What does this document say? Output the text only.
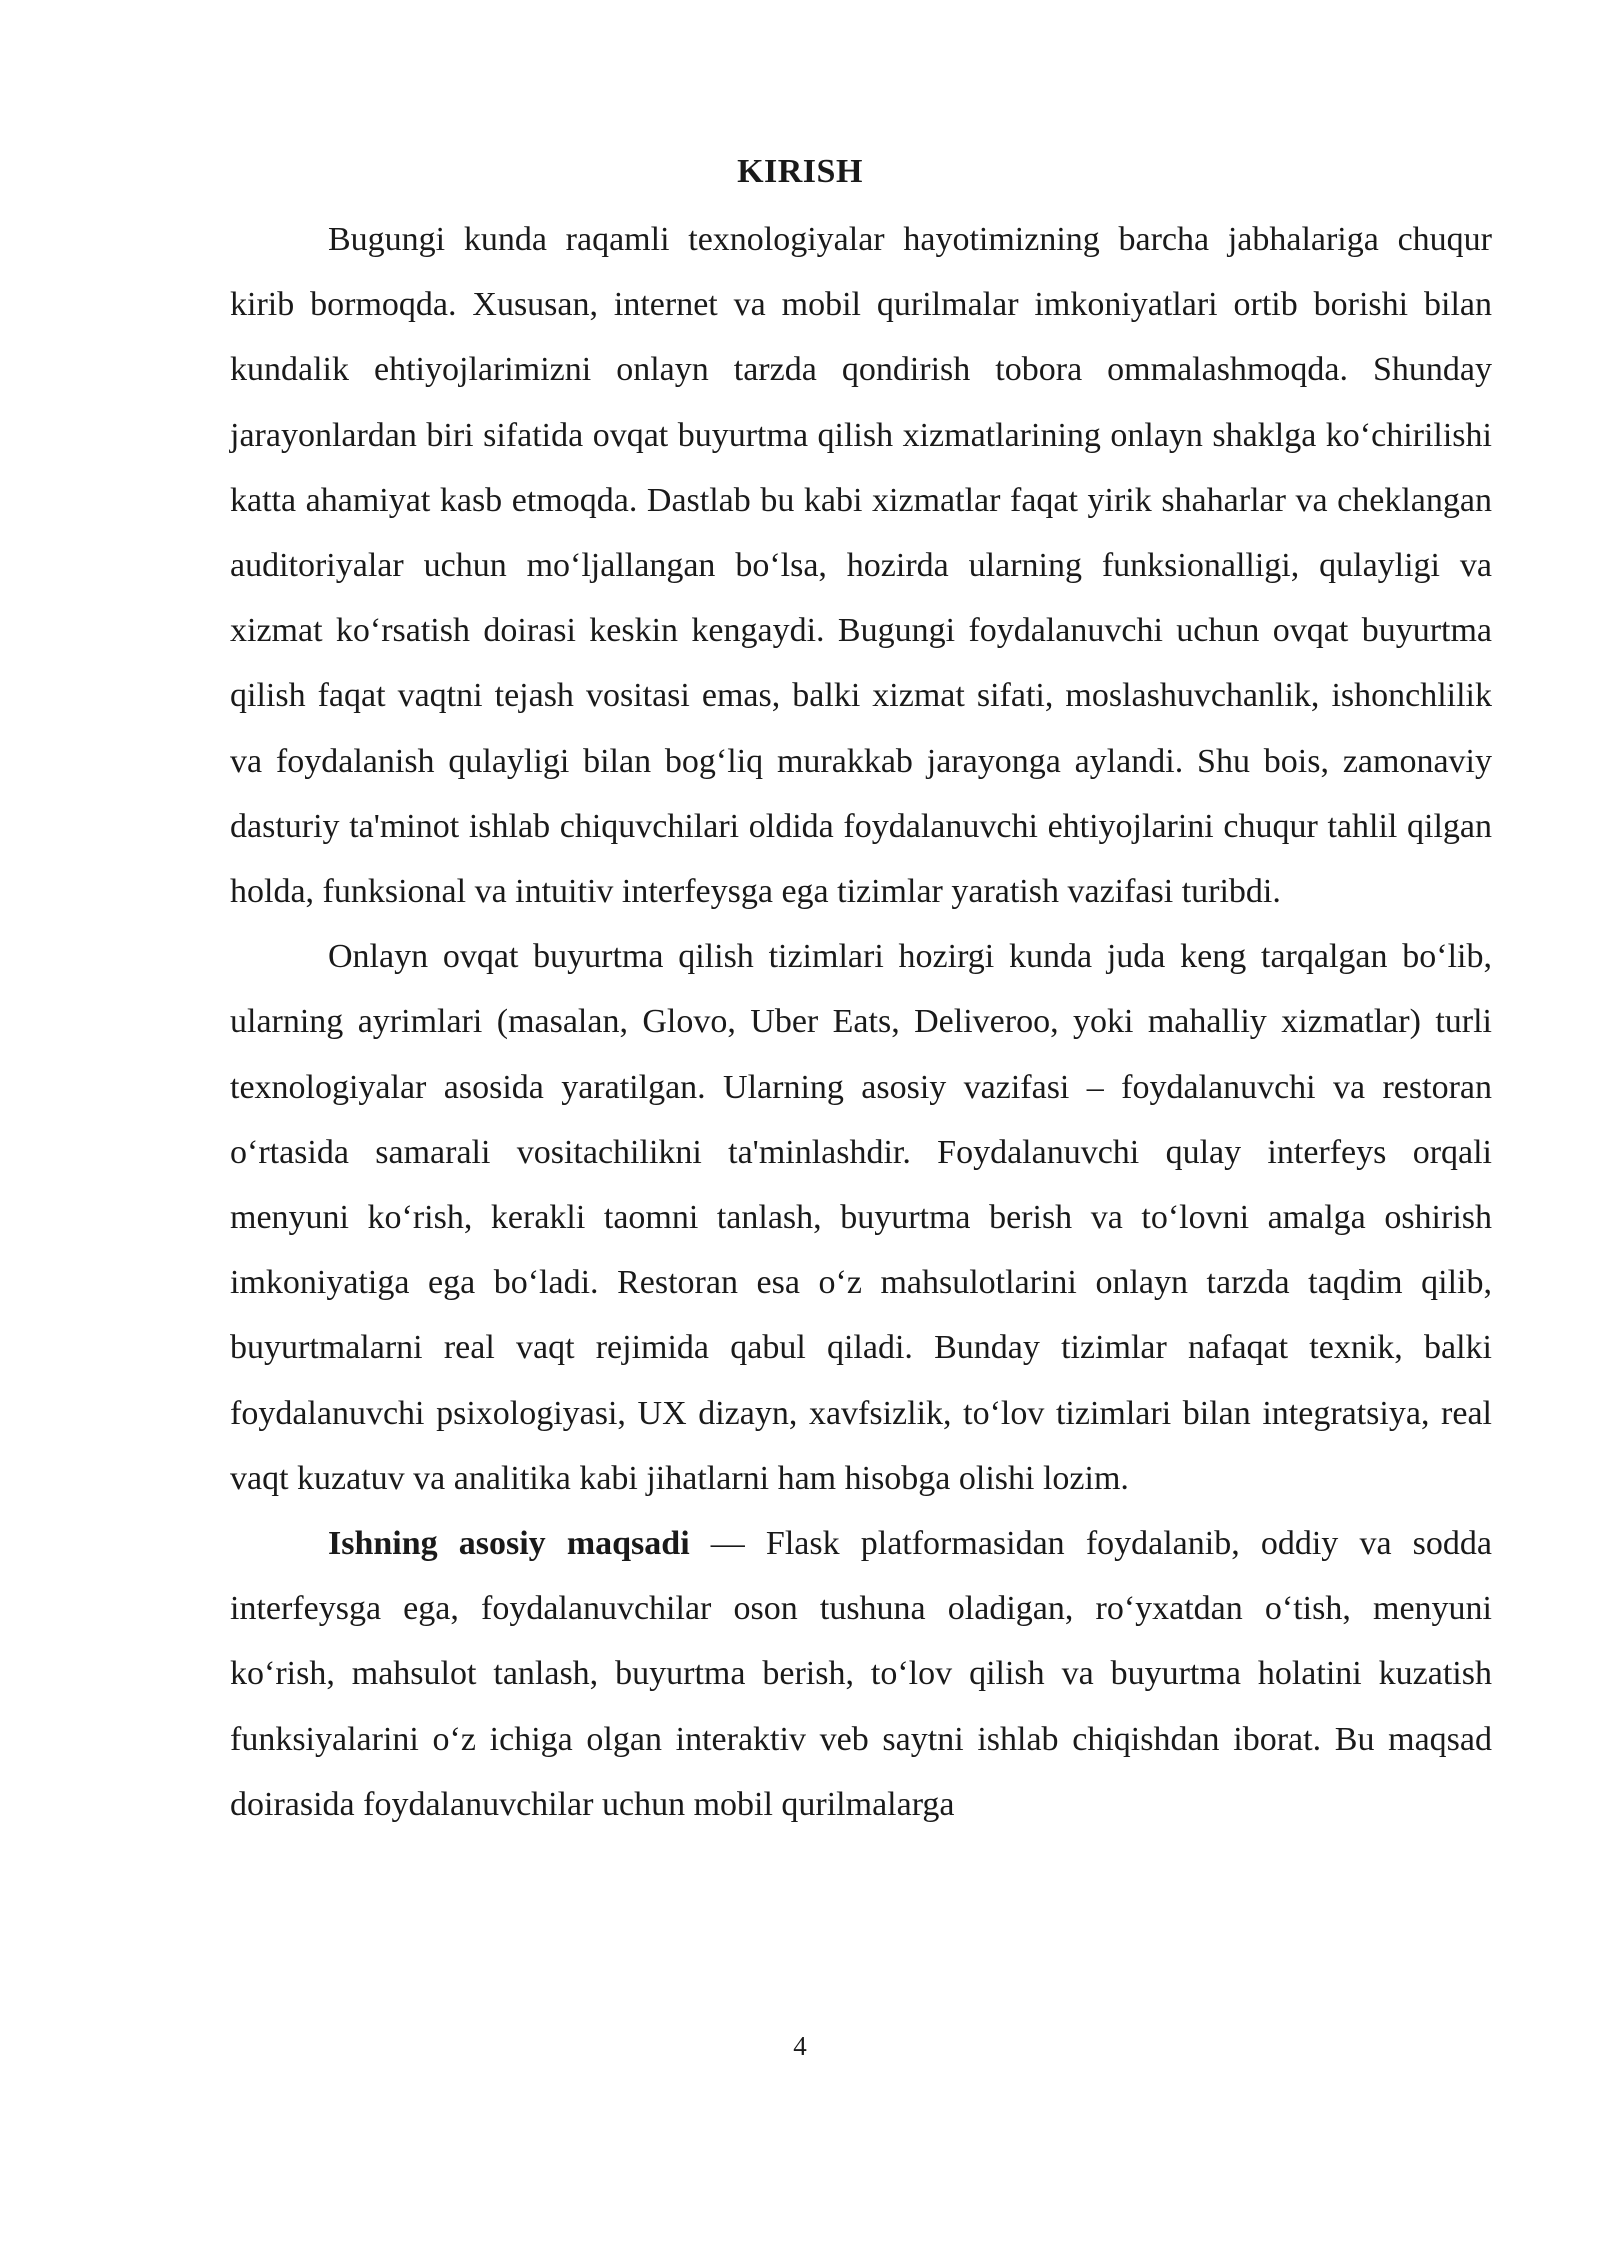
KIRISH

Bugungi kunda raqamli texnologiyalar hayotimizning barcha jabhalariga chuqur kirib bormoqda. Xususan, internet va mobil qurilmalar imkoniyatlari ortib borishi bilan kundalik ehtiyojlarimizni onlayn tarzda qondirish tobora ommalashmoqda. Shunday jarayonlardan biri sifatida ovqat buyurtma qilish xizmatlarining onlayn shaklga koʻchirilishi katta ahamiyat kasb etmoqda. Dastlab bu kabi xizmatlar faqat yirik shaharlar va cheklangan auditoriyalar uchun moʻljallangan boʻlsa, hozirda ularning funksionalligi, qulayligi va xizmat koʻrsatish doirasi keskin kengaydi. Bugungi foydalanuvchi uchun ovqat buyurtma qilish faqat vaqtni tejash vositasi emas, balki xizmat sifati, moslashuvchanlik, ishonchlilik va foydalanish qulayligi bilan bogʻliq murakkab jarayonga aylandi. Shu bois, zamonaviy dasturiy ta'minot ishlab chiquvchilari oldida foydalanuvchi ehtiyojlarini chuqur tahlil qilgan holda, funksional va intuitiv interfeysga ega tizimlar yaratish vazifasi turibdi.

Onlayn ovqat buyurtma qilish tizimlari hozirgi kunda juda keng tarqalgan boʻlib, ularning ayrimlari (masalan, Glovo, Uber Eats, Deliveroo, yoki mahalliy xizmatlar) turli texnologiyalar asosida yaratilgan. Ularning asosiy vazifasi – foydalanuvchi va restoran oʻrtasida samarali vositachilikni ta'minlashdir. Foydalanuvchi qulay interfeys orqali menyuni koʻrish, kerakli taomni tanlash, buyurtma berish va toʻlovni amalga oshirish imkoniyatiga ega boʻladi. Restoran esa oʻz mahsulotlarini onlayn tarzda taqdim qilib, buyurtmalarni real vaqt rejimida qabul qiladi. Bunday tizimlar nafaqat texnik, balki foydalanuvchi psixologiyasi, UX dizayn, xavfsizlik, toʻlov tizimlari bilan integratsiya, real vaqt kuzatuv va analitika kabi jihatlarni ham hisobga olishi lozim.

Ishning asosiy maqsadi — Flask platformasidan foydalanib, oddiy va sodda interfeysga ega, foydalanuvchilar oson tushuna oladigan, roʻyxatdan oʻtish, menyuni koʻrish, mahsulot tanlash, buyurtma berish, toʻlov qilish va buyurtma holatini kuzatish funksiyalarini oʻz ichiga olgan interaktiv veb saytni ishlab chiqishdan iborat. Bu maqsad doirasida foydalanuvchilar uchun mobil qurilmalarga

4
